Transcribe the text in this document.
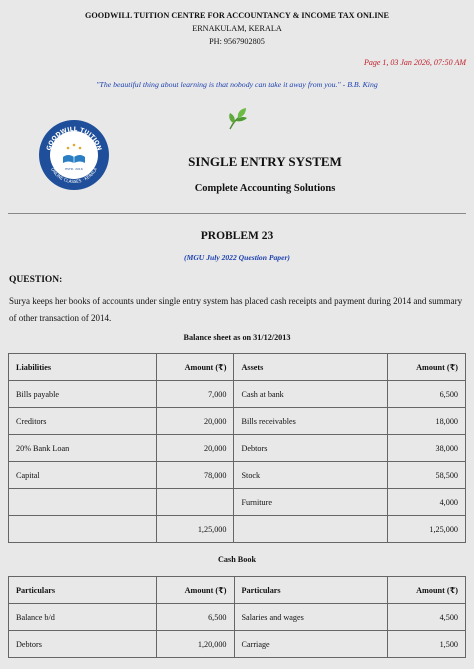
GOODWILL TUITION CENTRE FOR ACCOUNTANCY & INCOME TAX ONLINE
ERNAKULAM, KERALA
PH: 9567902805
Page 1, 03 Jan 2026, 07:50 AM
"The beautiful thing about learning is that nobody can take it away from you." - B.B. King
GOODWILL TUITION
ONLINE CLASSES · KERALA
ESTD. 2016	SINGLE ENTRY SYSTEM
Complete Accounting Solutions
PROBLEM 23
(MGU July 2022 Question Paper)
QUESTION:
Surya keeps her books of accounts under single entry system has placed cash receipts and payment during 2014 and summary of other transaction of 2014.
Balance sheet as on 31/12/2013
Liabilities	Amount (₹)	Assets	Amount (₹)
Bills payable	7,000	Cash at bank	6,500
Creditors	20,000	Bills receivables	18,000
20% Bank Loan	20,000	Debtors	38,000
Capital	78,000	Stock	58,500
		Furniture	4,000
	1,25,000		1,25,000
Cash Book
Particulars	Amount (₹)	Particulars	Amount (₹)
Balance b/d	6,500	Salaries and wages	4,500
Debtors	1,20,000	Carriage	1,500
